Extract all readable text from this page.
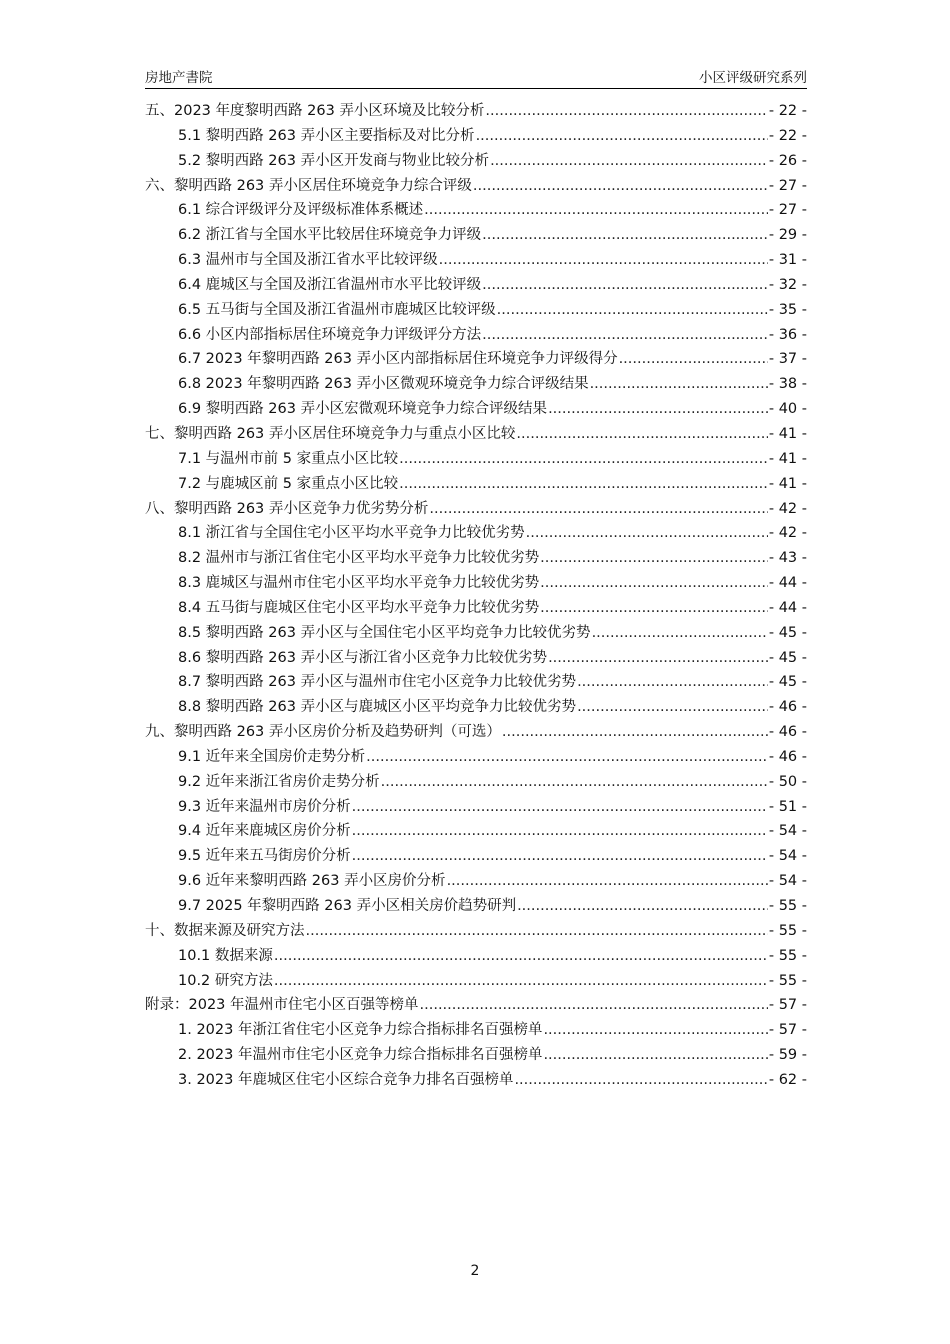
房地产書院	小区评级研究系列
五、2023 年度黎明西路 263 弄小区环境及比较分析 .....	- 22 -
5.1 黎明西路 263 弄小区主要指标及对比分析 .....	- 22 -
5.2 黎明西路 263 弄小区开发商与物业比较分析 .....	- 26 -
六、黎明西路 263 弄小区居住环境竞争力综合评级 .....	- 27 -
6.1 综合评级评分及评级标准体系概述 .....	- 27 -
6.2 浙江省与全国水平比较居住环境竞争力评级 .....	- 29 -
6.3 温州市与全国及浙江省水平比较评级 .....	- 31 -
6.4 鹿城区与全国及浙江省温州市水平比较评级 .....	- 32 -
6.5 五马街与全国及浙江省温州市鹿城区比较评级 .....	- 35 -
6.6 小区内部指标居住环境竞争力评级评分方法 .....	- 36 -
6.7 2023 年黎明西路 263 弄小区内部指标居住环境竞争力评级得分 .....	- 37 -
6.8 2023 年黎明西路 263 弄小区微观环境竞争力综合评级结果 .....	- 38 -
6.9 黎明西路 263 弄小区宏微观环境竞争力综合评级结果 .....	- 40 -
七、黎明西路 263 弄小区居住环境竞争力与重点小区比较 .....	- 41 -
7.1 与温州市前 5 家重点小区比较 .....	- 41 -
7.2 与鹿城区前 5 家重点小区比较 .....	- 41 -
八、黎明西路 263 弄小区竞争力优劣势分析 .....	- 42 -
8.1 浙江省与全国住宅小区平均水平竞争力比较优劣势 .....	- 42 -
8.2 温州市与浙江省住宅小区平均水平竞争力比较优劣势 .....	- 43 -
8.3 鹿城区与温州市住宅小区平均水平竞争力比较优劣势 .....	- 44 -
8.4 五马街与鹿城区住宅小区平均水平竞争力比较优劣势 .....	- 44 -
8.5 黎明西路 263 弄小区与全国住宅小区平均竞争力比较优劣势 .....	- 45 -
8.6 黎明西路 263 弄小区与浙江省小区竞争力比较优劣势 .....	- 45 -
8.7 黎明西路 263 弄小区与温州市住宅小区竞争力比较优劣势 .....	- 45 -
8.8 黎明西路 263 弄小区与鹿城区小区平均竞争力比较优劣势 .....	- 46 -
九、黎明西路 263 弄小区房价分析及趋势研判（可选） .....	- 46 -
9.1 近年来全国房价走势分析 .....	- 46 -
9.2 近年来浙江省房价走势分析 .....	- 50 -
9.3 近年来温州市房价分析 .....	- 51 -
9.4 近年来鹿城区房价分析 .....	- 54 -
9.5 近年来五马街房价分析 .....	- 54 -
9.6 近年来黎明西路 263 弄小区房价分析 .....	- 54 -
9.7 2025 年黎明西路 263 弄小区相关房价趋势研判 .....	- 55 -
十、数据来源及研究方法 .....	- 55 -
10.1 数据来源 .....	- 55 -
10.2 研究方法 .....	- 55 -
附录：2023 年温州市住宅小区百强等榜单 .....	- 57 -
1. 2023 年浙江省住宅小区竞争力综合指标排名百强榜单 .....	- 57 -
2. 2023 年温州市住宅小区竞争力综合指标排名百强榜单 .....	- 59 -
3. 2023 年鹿城区住宅小区综合竞争力排名百强榜单 .....	- 62 -
2
